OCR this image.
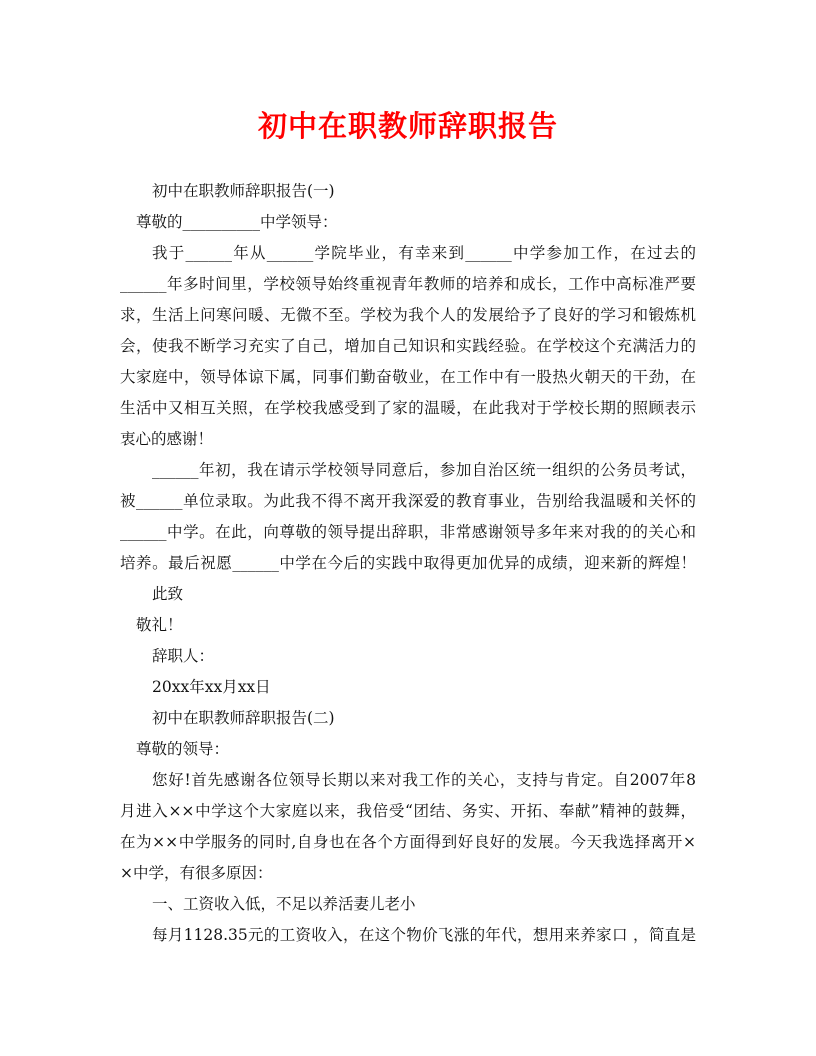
初中在职教师辞职报告
初中在职教师辞职报告(一)
尊敬的__________中学领导：
我于______年从______学院毕业，有幸来到______中学参加工作，在过去的
______年多时间里，学校领导始终重视青年教师的培养和成长，工作中高标准严要
求，生活上问寒问暖、无微不至。学校为我个人的发展给予了良好的学习和锻炼机
会，使我不断学习充实了自己，增加自己知识和实践经验。在学校这个充满活力的
大家庭中，领导体谅下属，同事们勤奋敬业，在工作中有一股热火朝天的干劲，在
生活中又相互关照，在学校我感受到了家的温暖，在此我对于学校长期的照顾表示
衷心的感谢！
______年初，我在请示学校领导同意后，参加自治区统一组织的公务员考试，
被______单位录取。为此我不得不离开我深爱的教育事业，告别给我温暖和关怀的
______中学。在此，向尊敬的领导提出辞职，非常感谢领导多年来对我的的关心和
培养。最后祝愿______中学在今后的实践中取得更加优异的成绩，迎来新的辉煌！
此致
敬礼！
辞职人：
20xx年xx月xx日
初中在职教师辞职报告(二)
尊敬的领导：
您好!首先感谢各位领导长期以来对我工作的关心，支持与肯定。自2007年8
月进入××中学这个大家庭以来，我倍受“团结、务实、开拓、奉献”精神的鼓舞，
在为××中学服务的同时,自身也在各个方面得到好良好的发展。今天我选择离开×
×中学，有很多原因：
一、工资收入低，不足以养活妻儿老小
每月1128.35元的工资收入，在这个物价飞涨的年代，想用来养家口 ，简直是
